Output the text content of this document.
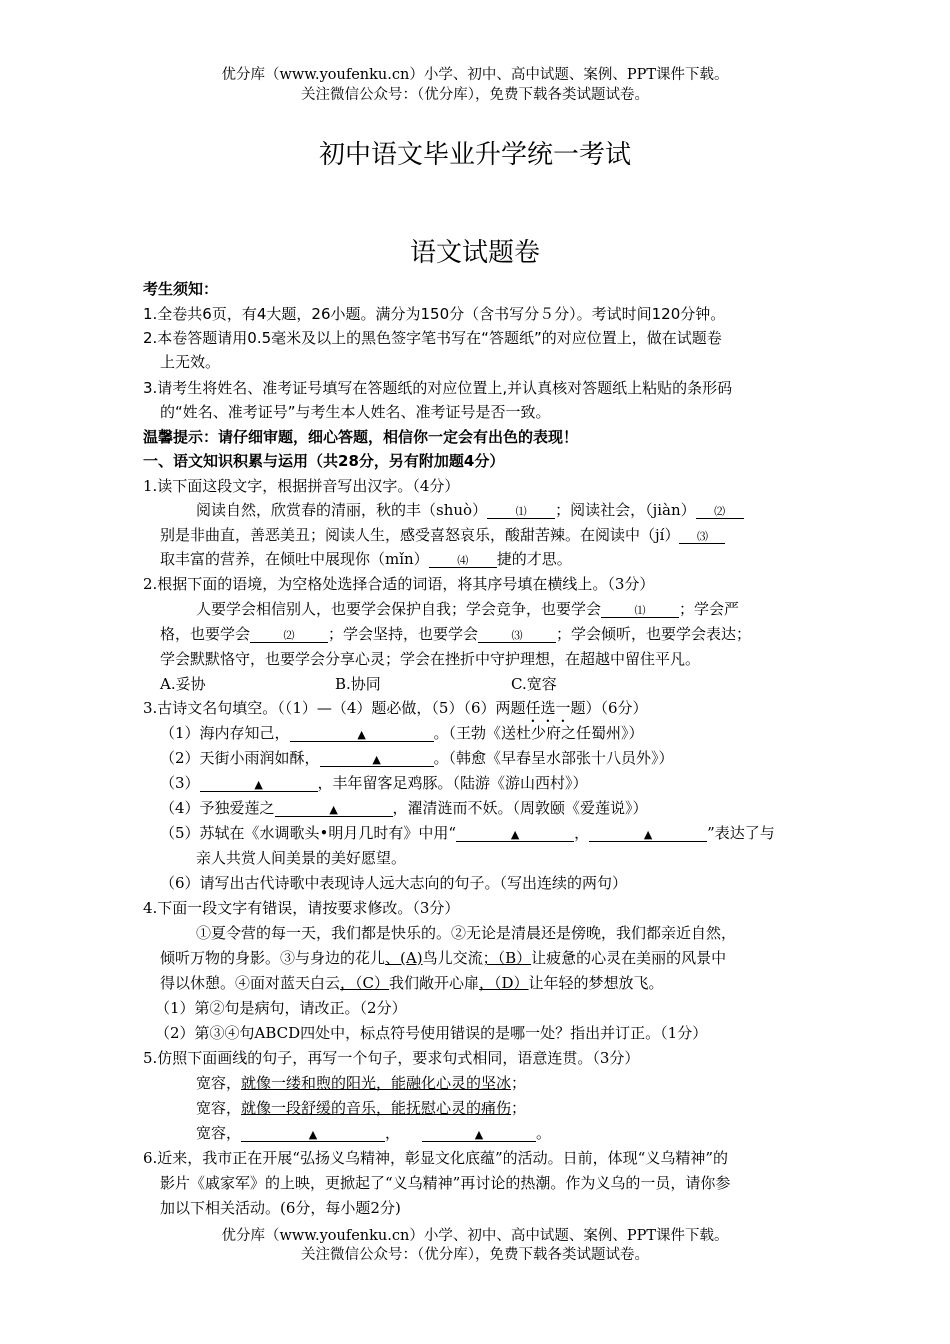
优分库（www.youfenku.cn）小学、初中、高中试题、案例、PPT课件下载。
关注微信公众号：（优分库），免费下载各类试题试卷。
初中语文毕业升学统一考试
语文试题卷
考生须知：
1.全卷共6页，有4大题，26小题。满分为150分（含书写分５分）。考试时间120分钟。
2.本卷答题请用0.5毫米及以上的黑色签字笔书写在“答题纸”的对应位置上，做在试题卷
上无效。
3.请考生将姓名、准考证号填写在答题纸的对应位置上,并认真核对答题纸上粘贴的条形码
的“姓名、准考证号”与考生本人姓名、准考证号是否一致。
温馨提示：请仔细审题，细心答题，相信你一定会有出色的表现！
一、语文知识积累与运用（共28分，另有附加题4分）
1.读下面这段文字，根据拼音写出汉字。（4分）
阅读自然，欣赏春的清丽，秋的丰（shuò）	⑴ ；阅读社会，（jiàn） ⑵
别是非曲直，善恶美丑；阅读人生，感受喜怒哀乐，酸甜苦辣。在阅读中（jí） ⑶
取丰富的营养，在倾吐中展现你（mǐn）	⑷ 捷的才思。
2.根据下面的语境，为空格处选择合适的词语，将其序号填在横线上。（3分）
人要学会相信别人，也要学会保护自我；学会竞争，也要学会	⑴ ；学会严
格，也要学会	⑵ ；学会坚持，也要学会	⑶ ；学会倾听，也要学会表达；
学会默默恪守，也要学会分享心灵；学会在挫折中守护理想，在超越中留住平凡。
A.妥协	B.协同	C.宽容
3.古诗文名句填空。（（1）—（4）题必做，（5）（6）两题任选一题）（6分）
（1）海内存知己，	▲	。（王勃《送杜少府之任蜀州》）
（2）天街小雨润如酥，	▲	。（韩愈《早春呈水部张十八员外》）
（3）	▲	，丰年留客足鸡豚。（陆游《游山西村》）
（4）予独爱莲之	▲	，濯清涟而不妖。（周敦颐《爱莲说》）
（5）苏轼在《水调歌头•明月几时有》中用“	▲	，	▲	”表达了与
亲人共赏人间美景的美好愿望。
（6）请写出古代诗歌中表现诗人远大志向的句子。（写出连续的两句）
4.下面一段文字有错误，请按要求修改。（3分）
①夏令营的每一天，我们都是快乐的。②无论是清晨还是傍晚，我们都亲近自然，
倾听万物的身影。③与身边的花儿、(A)鸟儿交流；（B）让疲惫的心灵在美丽的风景中
得以休憩。④面对蓝天白云，（C）我们敞开心扉，（D）让年轻的梦想放飞。
（1）第②句是病句，请改正。（2分）
（2）第③④句ABCD四处中，标点符号使用错误的是哪一处？指出并订正。（1分）
5.仿照下面画线的句子，再写一个句子，要求句式相同，语意连贯。（3分）
宽容，就像一缕和煦的阳光，能融化心灵的坚冰；
宽容，就像一段舒缓的音乐，能抚慰心灵的痛伤；
宽容，	▲	，	▲	。
6.近来，我市正在开展“弘扬义乌精神，彰显文化底蕴”的活动。日前，体现“义乌精神”的
影片《戚家军》的上映，更掀起了“义乌精神”再讨论的热潮。作为义乌的一员，请你参
加以下相关活动。(6分，每小题2分)
优分库（www.youfenku.cn）小学、初中、高中试题、案例、PPT课件下载。
关注微信公众号：（优分库），免费下载各类试题试卷。
